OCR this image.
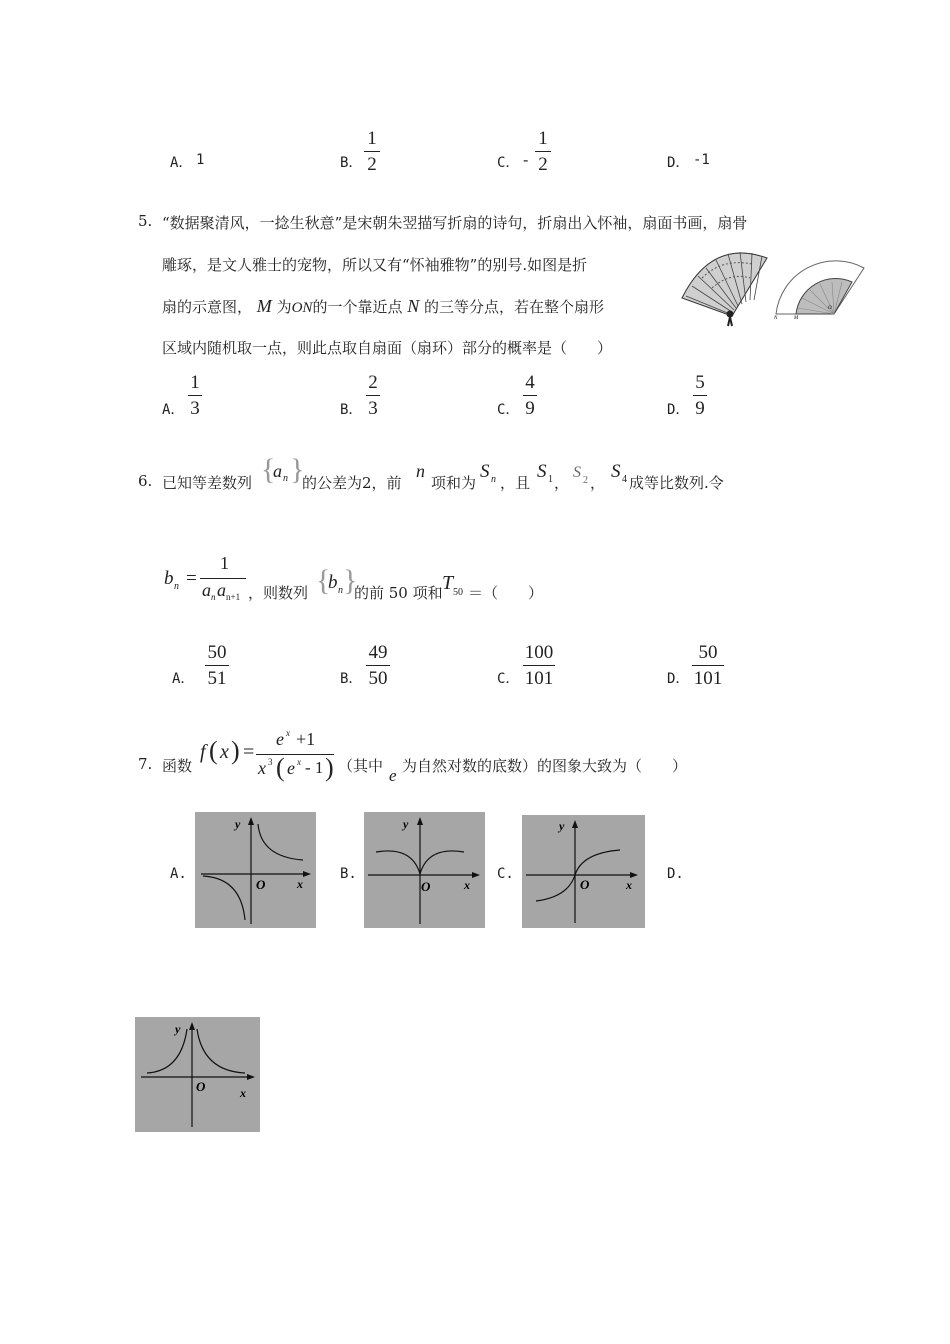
A． 1	B．
1
2	C． -
1
2	D． -1
5. “数据聚清风，一捻生秋意”是宋朝朱翌描写折扇的诗句，折扇出入怀袖，扇面书画，扇骨
雕琢，是文人雅士的宠物，所以又有“怀袖雅物”的别号.如图是折
扇的示意图， M 为ON的一个靠近点 N 的三等分点，若在整个扇形
区域内随机取一点，则此点取自扇面（扇环）部分的概率是（　　）
N	M
O
A．
1
3	B．
2
3	C．
4
9	D．
5
9
6. 已知等差数列 {
a n }
的公差为2，前
n
项和为
S n ，且
S 1 ，
S 2 ，
S 4 成等比数列.令
b n =
1
a n a n+1 ，则数列 {
b n }
的前 50 项和 T 50 ＝（　　）
A．
50
51	B．
49
50	C．
100
101	D．
50
101
7. 函数
f ( x ) =
e x +1
x 3 ( e x - 1 ) （其中 e 为自然对数的底数）的图象大致为（　　）
A.	B.	C.	D.
y
x
O
y
x
O
y
x
O
y
x
O
